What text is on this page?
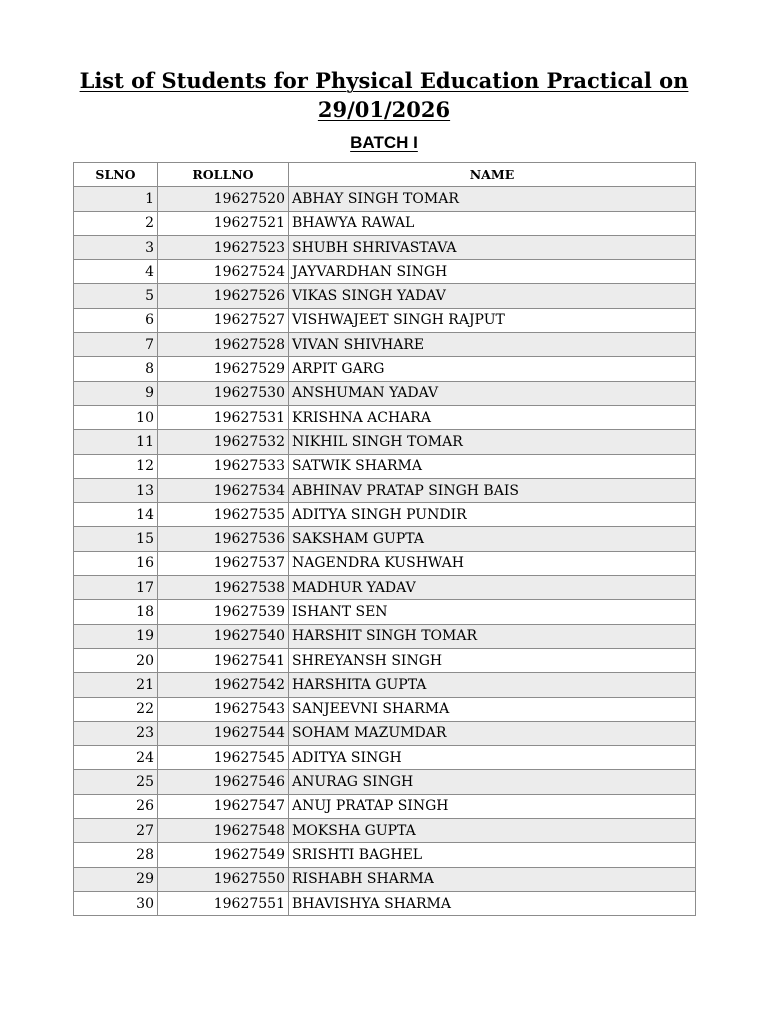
List of Students for Physical Education Practical on
29/01/2026
BATCH I
SLNO	ROLLNO	NAME
1	19627520	ABHAY SINGH TOMAR
2	19627521	BHAWYA RAWAL
3	19627523	SHUBH SHRIVASTAVA
4	19627524	JAYVARDHAN SINGH
5	19627526	VIKAS SINGH YADAV
6	19627527	VISHWAJEET SINGH RAJPUT
7	19627528	VIVAN SHIVHARE
8	19627529	ARPIT GARG
9	19627530	ANSHUMAN YADAV
10	19627531	KRISHNA ACHARA
11	19627532	NIKHIL SINGH TOMAR
12	19627533	SATWIK SHARMA
13	19627534	ABHINAV PRATAP SINGH BAIS
14	19627535	ADITYA SINGH PUNDIR
15	19627536	SAKSHAM GUPTA
16	19627537	NAGENDRA KUSHWAH
17	19627538	MADHUR YADAV
18	19627539	ISHANT SEN
19	19627540	HARSHIT SINGH TOMAR
20	19627541	SHREYANSH SINGH
21	19627542	HARSHITA GUPTA
22	19627543	SANJEEVNI SHARMA
23	19627544	SOHAM MAZUMDAR
24	19627545	ADITYA SINGH
25	19627546	ANURAG SINGH
26	19627547	ANUJ PRATAP SINGH
27	19627548	MOKSHA GUPTA
28	19627549	SRISHTI BAGHEL
29	19627550	RISHABH SHARMA
30	19627551	BHAVISHYA SHARMA
